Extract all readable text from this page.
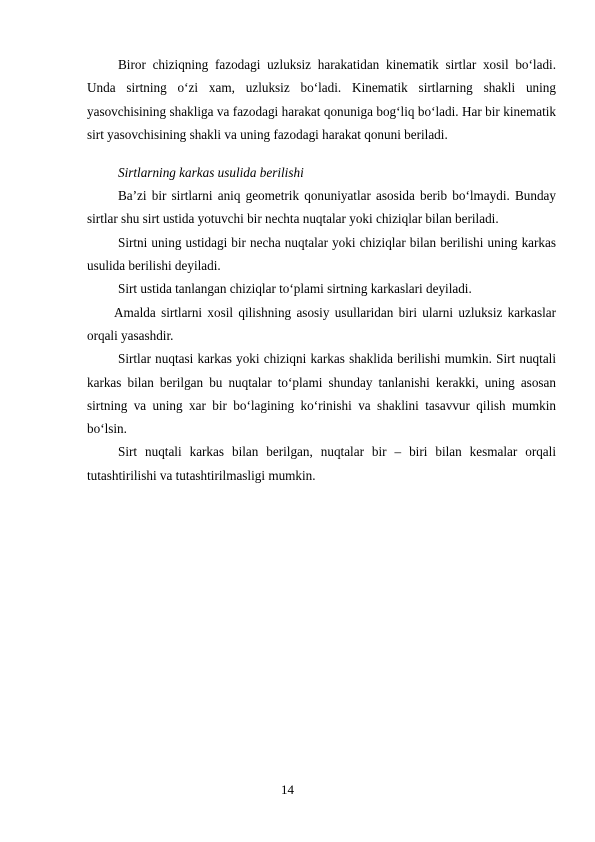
Biror chiziqning fazodagi uzluksiz harakatidan kinematik sirtlar xosil bo‘ladi. Unda sirtning o‘zi xam, uzluksiz bo‘ladi. Kinematik sirtlarning shakli uning yasovchisining shakliga va fazodagi harakat qonuniga bog‘liq bo‘ladi. Har bir kinematik sirt yasovchisining shakli va uning fazodagi harakat qonuni beriladi.

Sirtlarning karkas usulida berilishi

Ba’zi bir sirtlarni aniq geometrik qonuniyatlar asosida berib bo‘lmaydi. Bunday sirtlar shu sirt ustida yotuvchi bir nechta nuqtalar yoki chiziqlar bilan beriladi.

Sirtni uning ustidagi bir necha nuqtalar yoki chiziqlar bilan berilishi uning karkas usulida berilishi deyiladi.

Sirt ustida tanlangan chiziqlar to‘plami sirtning karkaslari deyiladi.

Amalda sirtlarni xosil qilishning asosiy usullaridan biri ularni uzluksiz karkaslar orqali yasashdir.

Sirtlar nuqtasi karkas yoki chiziqni karkas shaklida berilishi mumkin. Sirt nuqtali karkas bilan berilgan bu nuqtalar to‘plami shunday tanlanishi kerakki, uning asosan sirtning va uning xar bir bo‘lagining ko‘rinishi va shaklini tasavvur qilish mumkin bo‘lsin.

Sirt nuqtali karkas bilan berilgan, nuqtalar bir – biri bilan kesmalar orqali tutashtirilishi va tutashtirilmasligi mumkin.

14
